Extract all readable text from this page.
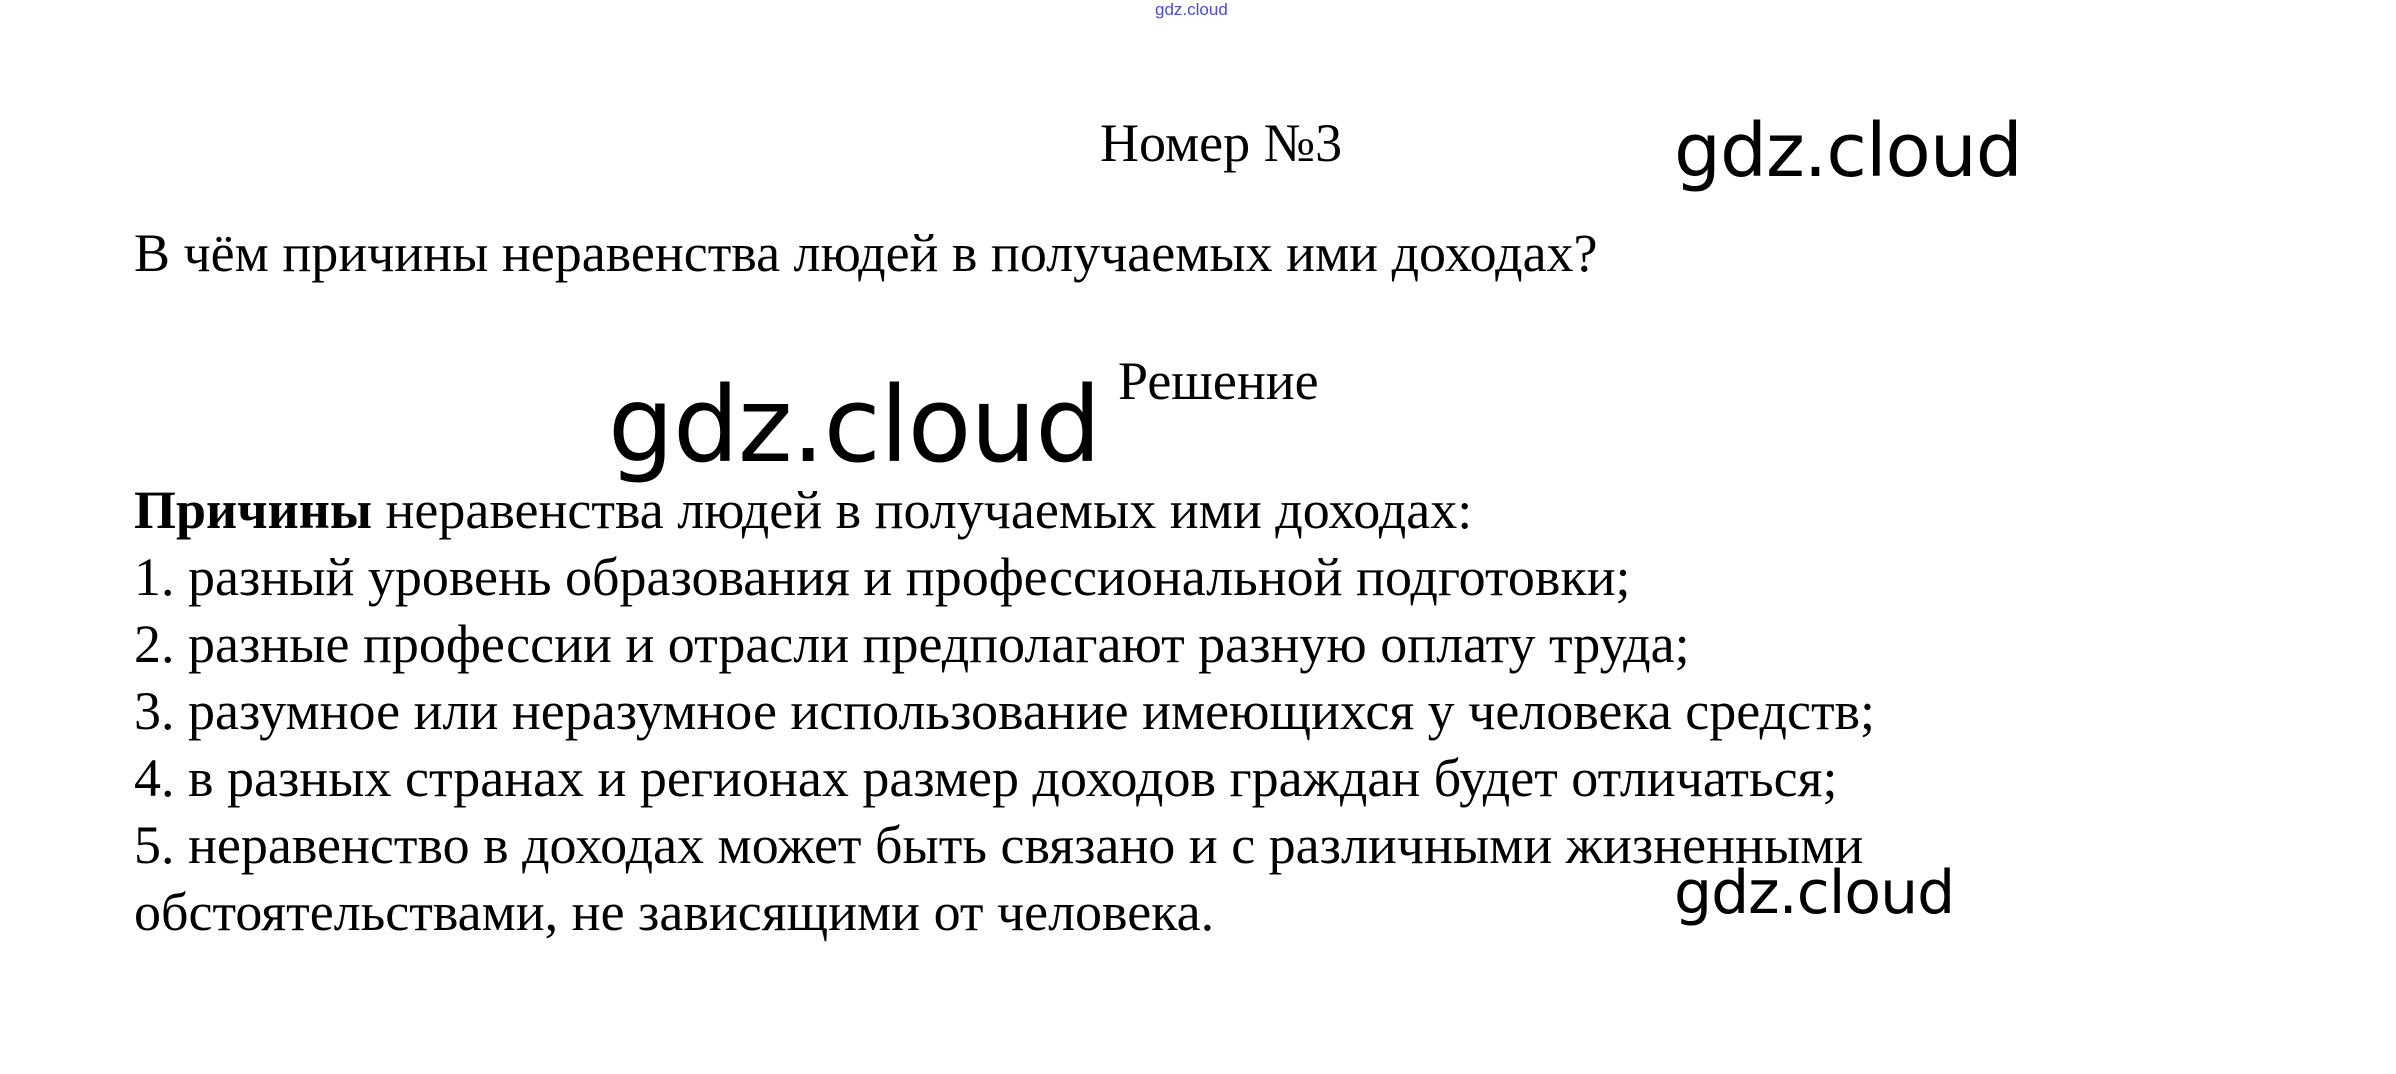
gdz.cloud
Номер №3	gdz.cloud
В чём причины неравенства людей в получаемых ими доходах?
gdz.cloud Решение
Причины неравенства людей в получаемых ими доходах:
1. разный уровень образования и профессиональной подготовки;
2. разные профессии и отрасли предполагают разную оплату труда;
3. разумное или неразумное использование имеющихся у человека средств;
4. в разных странах и регионах размер доходов граждан будет отличаться;
5. неравенство в доходах может быть связано и с различными жизненными
обстоятельствами, не зависящими от человека.	gdz.cloud
